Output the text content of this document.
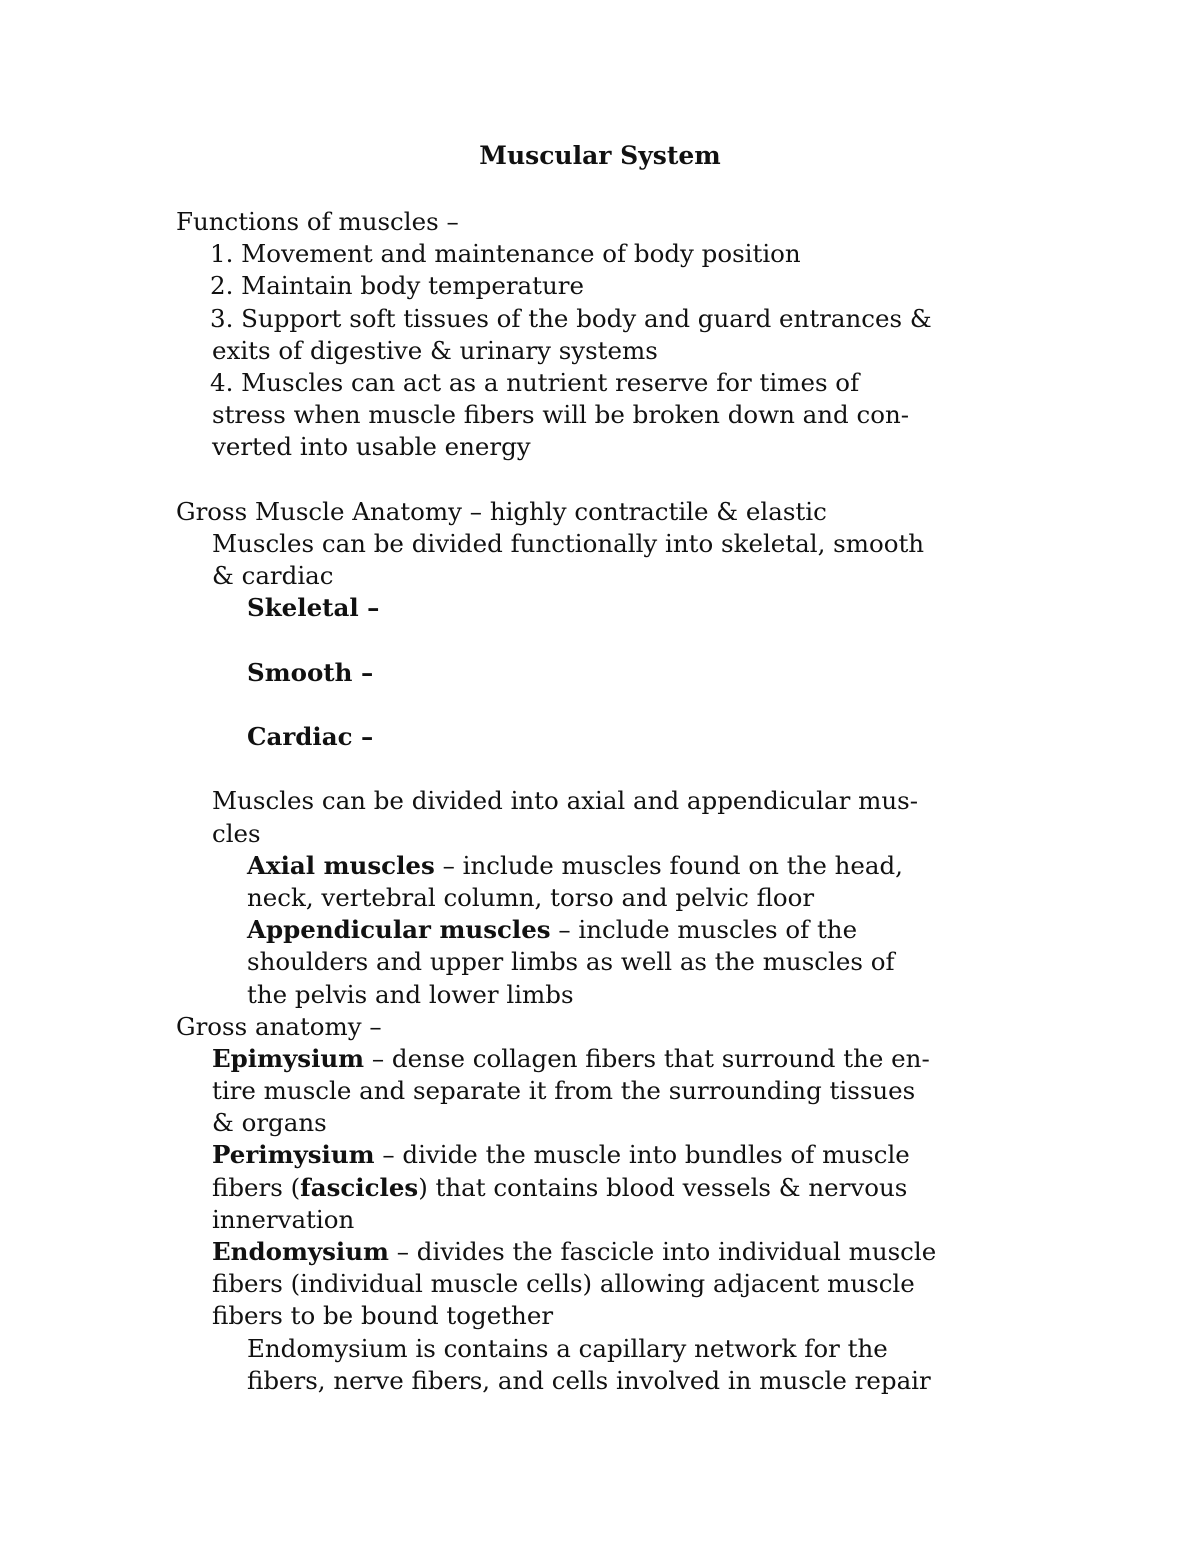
Muscular System
Functions of muscles –
1. Movement and maintenance of body position
2. Maintain body temperature
3. Support soft tissues of the body and guard entrances &
exits of digestive & urinary systems
4. Muscles can act as a nutrient reserve for times of
stress when muscle fibers will be broken down and con-
verted into usable energy
Gross Muscle Anatomy – highly contractile & elastic
Muscles can be divided functionally into skeletal, smooth
& cardiac
Skeletal –
Smooth –
Cardiac –
Muscles can be divided into axial and appendicular mus-
cles
Axial muscles – include muscles found on the head,
neck, vertebral column, torso and pelvic floor
Appendicular muscles – include muscles of the
shoulders and upper limbs as well as the muscles of
the pelvis and lower limbs
Gross anatomy –
Epimysium – dense collagen fibers that surround the en-
tire muscle and separate it from the surrounding tissues
& organs
Perimysium – divide the muscle into bundles of muscle
fibers (fascicles) that contains blood vessels & nervous
innervation
Endomysium – divides the fascicle into individual muscle
fibers (individual muscle cells) allowing adjacent muscle
fibers to be bound together
Endomysium is contains a capillary network for the
fibers, nerve fibers, and cells involved in muscle repair
